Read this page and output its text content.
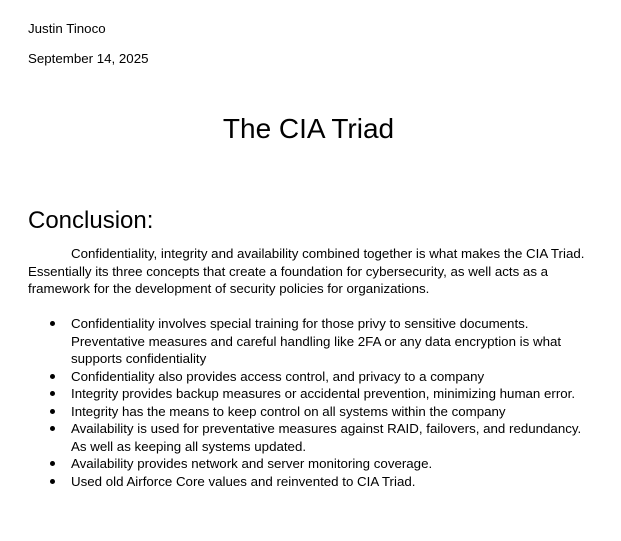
Justin Tinoco
September 14, 2025
The CIA Triad
Conclusion:
Confidentiality, integrity and availability combined together is what makes the CIA Triad. Essentially its three concepts that create a foundation for cybersecurity, as well acts as a framework for the development of security policies for organizations.
Confidentiality involves special training for those privy to sensitive documents. Preventative measures and careful handling like 2FA or any data encryption is what supports confidentiality
Confidentiality also provides access control, and privacy to a company
Integrity provides backup measures or accidental prevention, minimizing human error.
Integrity has the means to keep control on all systems within the company
Availability is used for preventative measures against RAID, failovers, and redundancy. As well as keeping all systems updated.
Availability provides network and server monitoring coverage.
Used old Airforce Core values and reinvented to CIA Triad.
